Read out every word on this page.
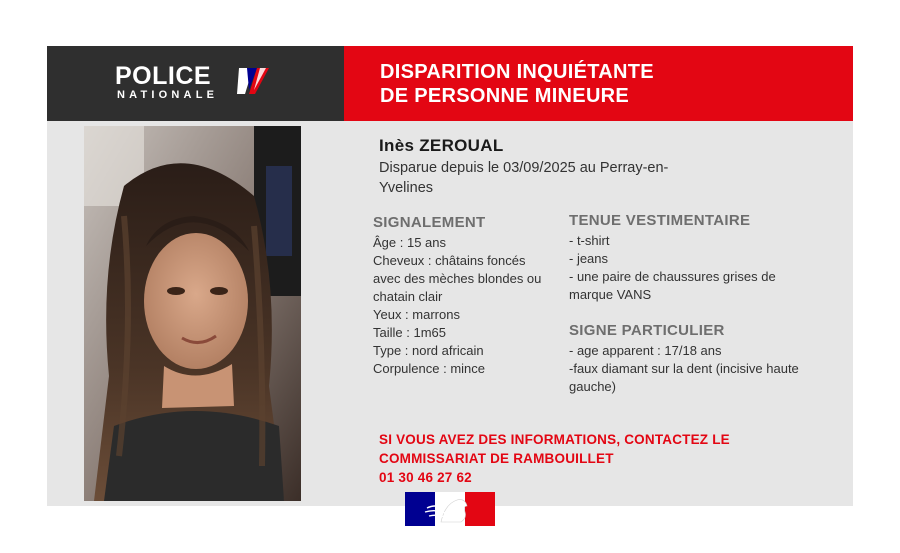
POLICE
NATIONALE
DISPARITION INQUIÉTANTE
DE PERSONNE MINEURE
Inès ZEROUAL
Disparue depuis le 03/09/2025 au Perray-en-
Yvelines
SIGNALEMENT
Âge : 15 ans
Cheveux : châtains foncés
avec des mèches blondes ou
chatain clair
Yeux : marrons
Taille : 1m65
Type : nord africain
Corpulence : mince
TENUE VESTIMENTAIRE
- t-shirt
- jeans
- une paire de chaussures grises de
marque VANS
SIGNE PARTICULIER
- age apparent : 17/18 ans
-faux diamant sur la dent (incisive haute
gauche)
SI VOUS AVEZ DES INFORMATIONS, CONTACTEZ LE
COMMISSARIAT DE RAMBOUILLET
01 30 46 27 62
